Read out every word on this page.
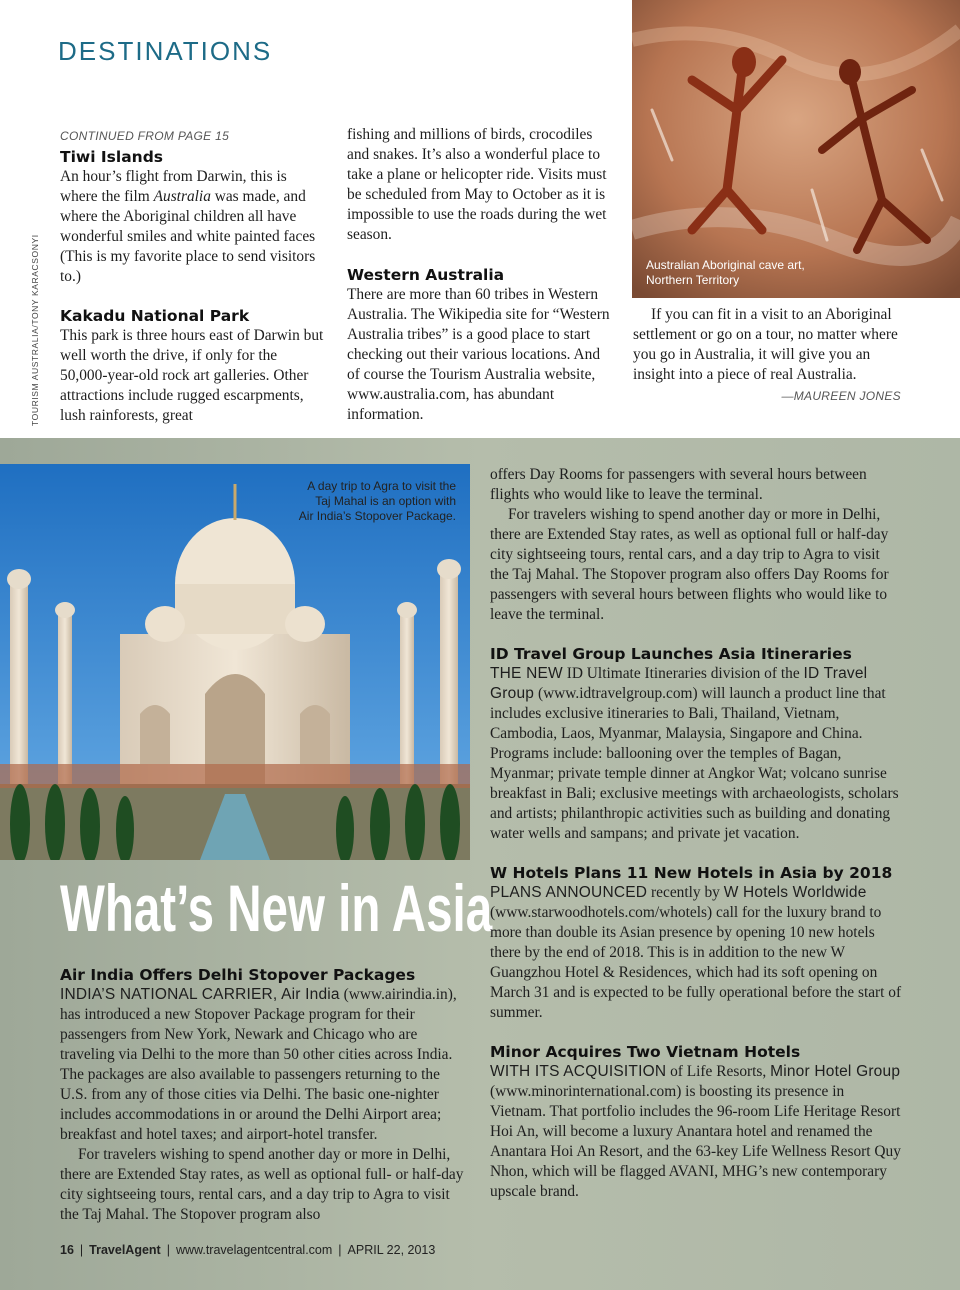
DESTINATIONS
TOURISM AUSTRALIA/TONY KARACSONYI
CONTINUED FROM PAGE 15
Tiwi Islands

An hour’s flight from Darwin, this is where the film Australia was made, and where the Aboriginal children all have wonderful smiles and white painted faces (This is my favorite place to send visitors to.)

Kakadu National Park

This park is three hours east of Darwin but well worth the drive, if only for the 50,000-year-old rock art galleries. Other attractions include rugged escarpments, lush rainforests, great

fishing and millions of birds, crocodiles and snakes. It’s also a wonderful place to take a plane or helicopter ride. Visits must be scheduled from May to October as it is impossible to use the roads during the wet season.

Western Australia

There are more than 60 tribes in Western Australia. The Wikipedia site for “Western Australia tribes” is a good place to start checking out their various locations. And of course the Tourism Australia website, www.australia.com, has abundant information.

Australian Aboriginal cave art,
Northern Territory

If you can fit in a visit to an Aboriginal settlement or go on a tour, no matter where you go in Australia, it will give you an insight into a piece of real Australia.

—MAUREEN JONES
A day trip to Agra to visit the
Taj Mahal is an option with
Air India’s Stopover Package.
What’s New in Asia
Air India Offers Delhi Stopover Packages

INDIA’S NATIONAL CARRIER, Air India (www.airindia.in), has introduced a new Stopover Package program for their passengers from New York, Newark and Chicago who are traveling via Delhi to the more than 50 other cities across India. The packages are also available to passengers returning to the U.S. from any of those cities via Delhi. The basic one-nighter includes accommodations in or around the Delhi Airport area; breakfast and hotel taxes; and airport-hotel transfer.

For travelers wishing to spend another day or more in Delhi, there are Extended Stay rates, as well as optional full- or half-day city sightseeing tours, rental cars, and a day trip to Agra to visit the Taj Mahal. The Stopover program also

offers Day Rooms for passengers with several hours between flights who would like to leave the terminal.

For travelers wishing to spend another day or more in Delhi, there are Extended Stay rates, as well as optional full or half-day city sightseeing tours, rental cars, and a day trip to Agra to visit the Taj Mahal. The Stopover program also offers Day Rooms for passengers with several hours between flights who would like to leave the terminal.

ID Travel Group Launches Asia Itineraries

THE NEW ID Ultimate Itineraries division of the ID Travel Group (www.idtravelgroup.com) will launch a product line that includes exclusive itineraries to Bali, Thailand, Vietnam, Cambodia, Laos, Myanmar, Malaysia, Singapore and China. Programs include: ballooning over the temples of Bagan, Myanmar; private temple dinner at Angkor Wat; volcano sunrise breakfast in Bali; exclusive meetings with archaeologists, scholars and artists; philanthropic activities such as building and donating water wells and sampans; and private jet vacation.

W Hotels Plans 11 New Hotels in Asia by 2018

PLANS ANNOUNCED recently by W Hotels Worldwide (www.starwoodhotels.com/whotels) call for the luxury brand to more than double its Asian presence by opening 10 new hotels there by the end of 2018. This is in addition to the new W Guangzhou Hotel & Residences, which had its soft opening on March 31 and is expected to be fully operational before the start of summer.

Minor Acquires Two Vietnam Hotels

WITH ITS ACQUISITION of Life Resorts, Minor Hotel Group (www.minorinternational.com) is boosting its presence in Vietnam. That portfolio includes the 96-room Life Heritage Resort Hoi An, will become a luxury Anantara hotel and renamed the Anantara Hoi An Resort, and the 63-key Life Wellness Resort Quy Nhon, which will be flagged AVANI, MHG’s new contemporary upscale brand.

16 | TravelAgent | www.travelagentcentral.com | APRIL 22, 2013
